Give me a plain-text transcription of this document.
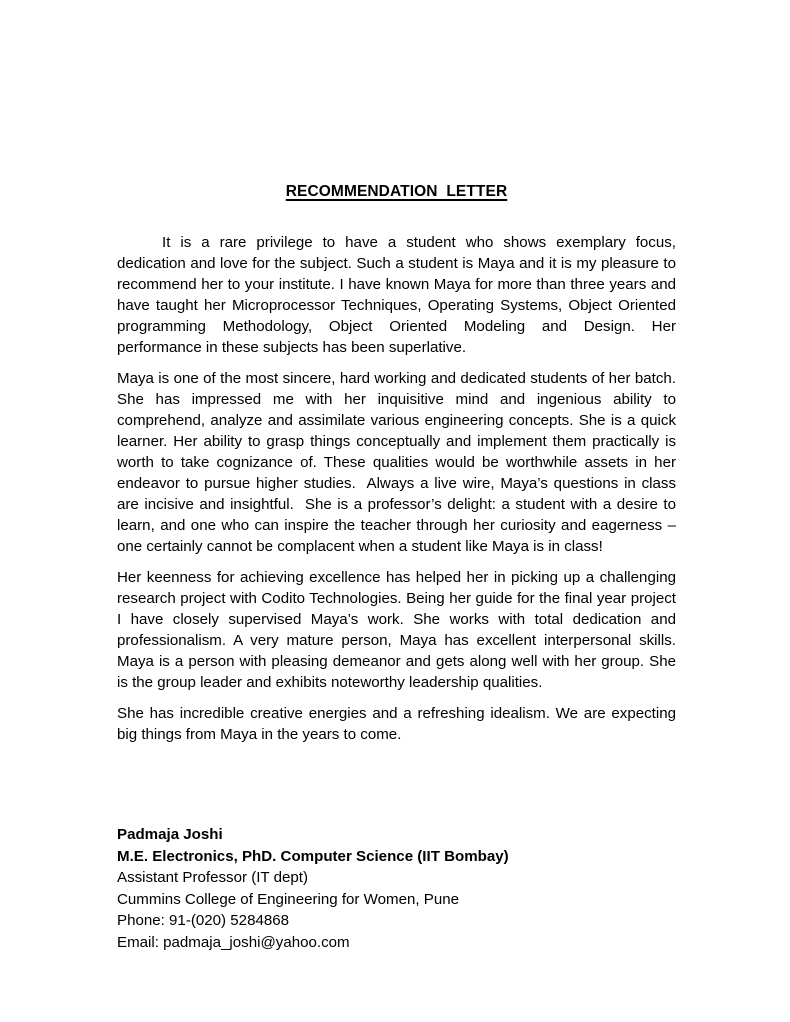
RECOMMENDATION  LETTER

It is a rare privilege to have a student who shows exemplary focus, dedication and love for the subject. Such a student is Maya and it is my pleasure to recommend her to your institute. I have known Maya for more than three years and have taught her Microprocessor Techniques, Operating Systems, Object Oriented programming Methodology, Object Oriented Modeling and Design. Her performance in these subjects has been superlative.

Maya is one of the most sincere, hard working and dedicated students of her batch. She has impressed me with her inquisitive mind and ingenious ability to comprehend, analyze and assimilate various engineering concepts. She is a quick learner. Her ability to grasp things conceptually and implement them practically is worth to take cognizance of. These qualities would be worthwhile assets in her endeavor to pursue higher studies.  Always a live wire, Maya’s questions in class are incisive and insightful.  She is a professor’s delight: a student with a desire to learn, and one who can inspire the teacher through her curiosity and eagerness – one certainly cannot be complacent when a student like Maya is in class!

Her keenness for achieving excellence has helped her in picking up a challenging research project with Codito Technologies. Being her guide for the final year project I have closely supervised Maya’s work. She works with total dedication and professionalism. A very mature person, Maya has excellent interpersonal skills. Maya is a person with pleasing demeanor and gets along well with her group. She is the group leader and exhibits noteworthy leadership qualities.

She has incredible creative energies and a refreshing idealism. We are expecting big things from Maya in the years to come.

Padmaja Joshi
M.E. Electronics, PhD. Computer Science (IIT Bombay)
Assistant Professor (IT dept)
Cummins College of Engineering for Women, Pune
Phone: 91-(020) 5284868
Email: padmaja_joshi@yahoo.com
